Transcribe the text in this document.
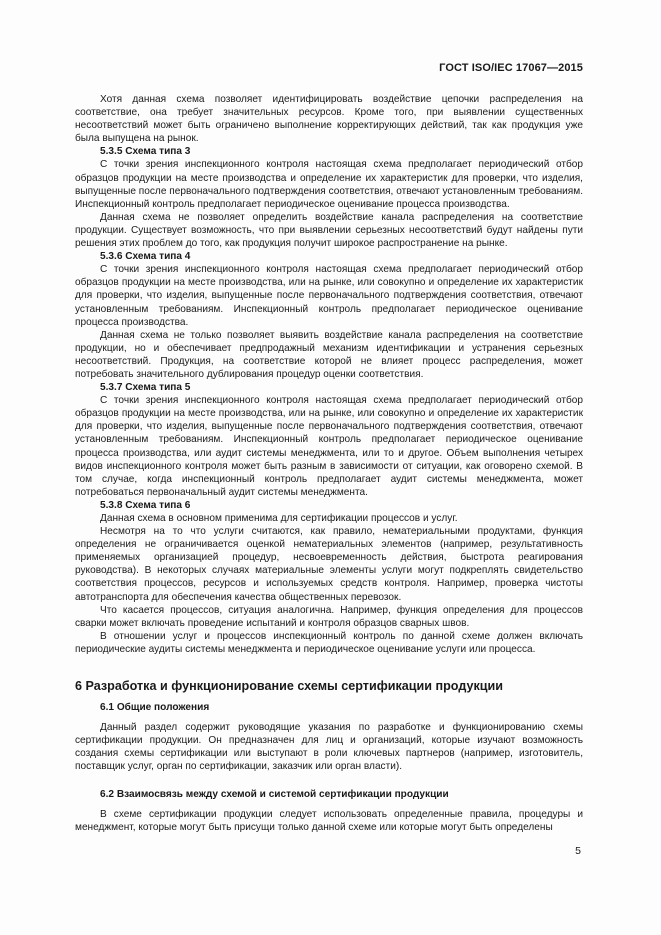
ГОСТ ISO/IEC 17067—2015

Хотя данная схема позволяет идентифицировать воздействие цепочки распределения на соответствие, она требует значительных ресурсов. Кроме того, при выявлении существенных несоответствий может быть ограничено выполнение корректирующих действий, так как продукция уже была выпущена на рынок.

5.3.5 Схема типа 3

С точки зрения инспекционного контроля настоящая схема предполагает периодический отбор образцов продукции на месте производства и определение их характеристик для проверки, что изделия, выпущенные после первоначального подтверждения соответствия, отвечают установленным требованиям. Инспекционный контроль предполагает периодическое оценивание процесса производства.

Данная схема не позволяет определить воздействие канала распределения на соответствие продукции. Существует возможность, что при выявлении серьезных несоответствий будут найдены пути решения этих проблем до того, как продукция получит широкое распространение на рынке.

5.3.6 Схема типа 4

С точки зрения инспекционного контроля настоящая схема предполагает периодический отбор образцов продукции на месте производства, или на рынке, или совокупно и определение их характеристик для проверки, что изделия, выпущенные после первоначального подтверждения соответствия, отвечают установленным требованиям. Инспекционный контроль предполагает периодическое оценивание процесса производства.

Данная схема не только позволяет выявить воздействие канала распределения на соответствие продукции, но и обеспечивает предпродажный механизм идентификации и устранения серьезных несоответствий. Продукция, на соответствие которой не влияет процесс распределения, может потребовать значительного дублирования процедур оценки соответствия.

5.3.7 Схема типа 5

С точки зрения инспекционного контроля настоящая схема предполагает периодический отбор образцов продукции на месте производства, или на рынке, или совокупно и определение их характеристик для проверки, что изделия, выпущенные после первоначального подтверждения соответствия, отвечают установленным требованиям. Инспекционный контроль предполагает периодическое оценивание процесса производства, или аудит системы менеджмента, или то и другое. Объем выполнения четырех видов инспекционного контроля может быть разным в зависимости от ситуации, как оговорено схемой. В том случае, когда инспекционный контроль предполагает аудит системы менеджмента, может потребоваться первоначальный аудит системы менеджмента.

5.3.8 Схема типа 6

Данная схема в основном применима для сертификации процессов и услуг.

Несмотря на то что услуги считаются, как правило, нематериальными продуктами, функция определения не ограничивается оценкой нематериальных элементов (например, результативность применяемых организацией процедур, несвоевременность действия, быстрота реагирования руководства). В некоторых случаях материальные элементы услуги могут подкреплять свидетельство соответствия процессов, ресурсов и используемых средств контроля. Например, проверка чистоты автотранспорта для обеспечения качества общественных перевозок.

Что касается процессов, ситуация аналогична. Например, функция определения для процессов сварки может включать проведение испытаний и контроля образцов сварных швов.

В отношении услуг и процессов инспекционный контроль по данной схеме должен включать периодические аудиты системы менеджмента и периодическое оценивание услуги или процесса.

6 Разработка и функционирование схемы сертификации продукции
6.1 Общие положения

Данный раздел содержит руководящие указания по разработке и функционированию схемы сертификации продукции. Он предназначен для лиц и организаций, которые изучают возможность создания схемы сертификации или выступают в роли ключевых партнеров (например, изготовитель, поставщик услуг, орган по сертификации, заказчик или орган власти).

6.2 Взаимосвязь между схемой и системой сертификации продукции

В схеме сертификации продукции следует использовать определенные правила, процедуры и менеджмент, которые могут быть присущи только данной схеме или которые могут быть определены

5
